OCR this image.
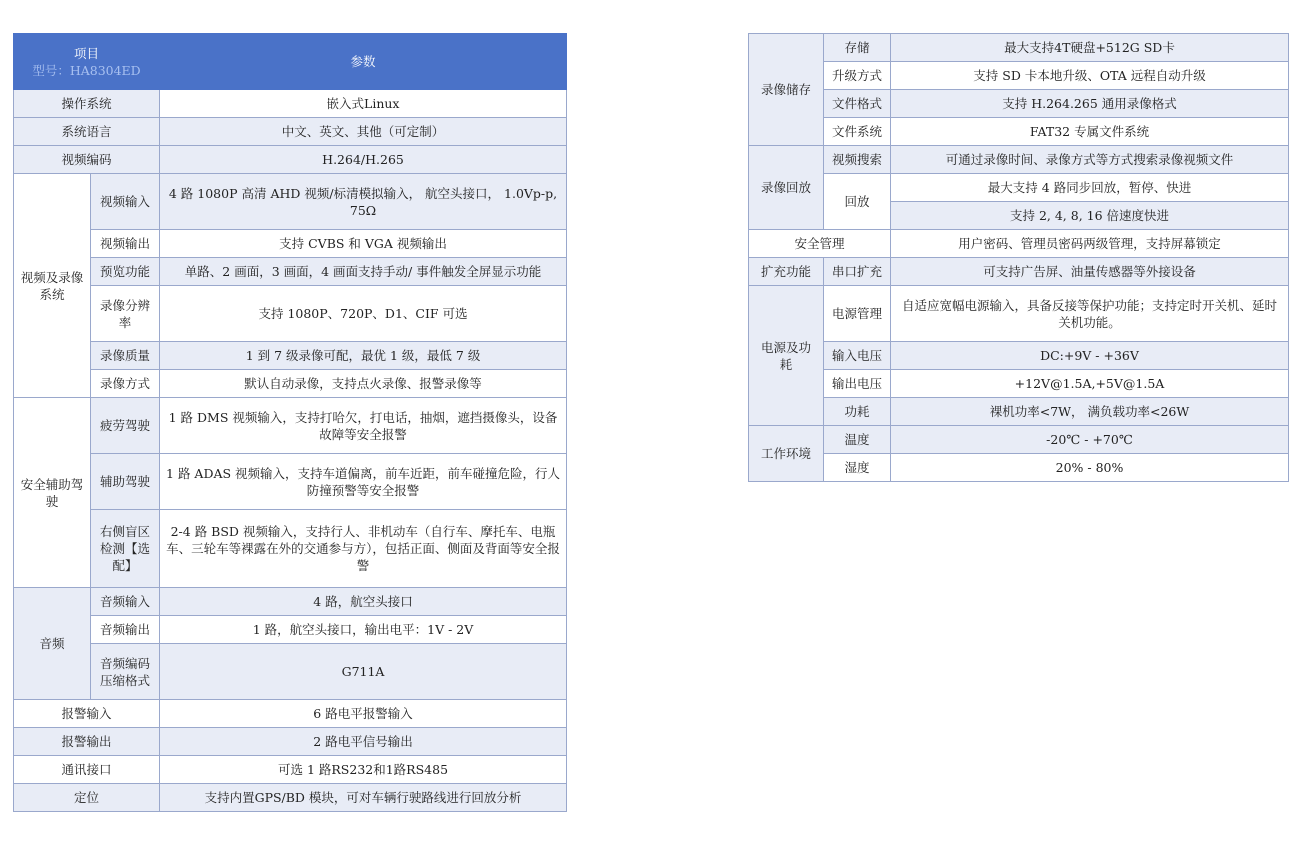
项目
型号：HA8304ED		参数
操作系统		嵌入式Linux
系统语言		中文、英文、其他（可定制）
视频编码		H.264/H.265
视频及录像系统	视频输入	4 路 1080P 高清 AHD 视频/标清模拟输入， 航空头接口， 1.0Vp-p, 75Ω
	视频输出	支持 CVBS 和 VGA 视频输出
	预览功能	单路、2 画面，3 画面，4 画面支持手动/ 事件触发全屏显示功能
	录像分辨率	支持 1080P、720P、D1、CIF 可选
	录像质量	1 到 7 级录像可配，最优 1 级，最低 7 级
	录像方式	默认自动录像，支持点火录像、报警录像等
安全辅助驾驶	疲劳驾驶	1 路 DMS 视频输入，支持打哈欠，打电话，抽烟，遮挡摄像头，设备故障等安全报警
	辅助驾驶	1 路 ADAS 视频输入，支持车道偏离，前车近距，前车碰撞危险，行人防撞预警等安全报警
	右侧盲区检测【选配】	2-4 路 BSD 视频输入，支持行人、非机动车（自行车、摩托车、电瓶车、三轮车等裸露在外的交通参与方），包括正面、侧面及背面等安全报警
音频	音频输入	4 路，航空头接口
	音频输出	1 路，航空头接口，输出电平：1V - 2V
	音频编码压缩格式	G711A
报警输入		6 路电平报警输入
报警输出		2 路电平信号输出
通讯接口		可选 1 路RS232和1路RS485
定位		支持内置GPS/BD 模块，可对车辆行驶路线进行回放分析
录像储存	存储	最大支持4T硬盘+512G SD卡
	升级方式	支持 SD 卡本地升级、OTA 远程自动升级
	文件格式	支持 H.264.265 通用录像格式
	文件系统	FAT32 专属文件系统
录像回放	视频搜索	可通过录像时间、录像方式等方式搜索录像视频文件
	回放	最大支持 4 路同步回放，暂停、快进
		支持 2, 4, 8, 16 倍速度快进
安全管理		用户密码、管理员密码两级管理，支持屏幕锁定
扩充功能	串口扩充	可支持广告屏、油量传感器等外接设备
电源及功耗	电源管理	自适应宽幅电源输入，具备反接等保护功能；支持定时开关机、延时关机功能。
	输入电压	DC:+9V - +36V
	输出电压	+12V@1.5A,+5V@1.5A
	功耗	裸机功率<7W， 满负载功率<26W
工作环境	温度	-20℃ - +70℃
	湿度	20% - 80%
